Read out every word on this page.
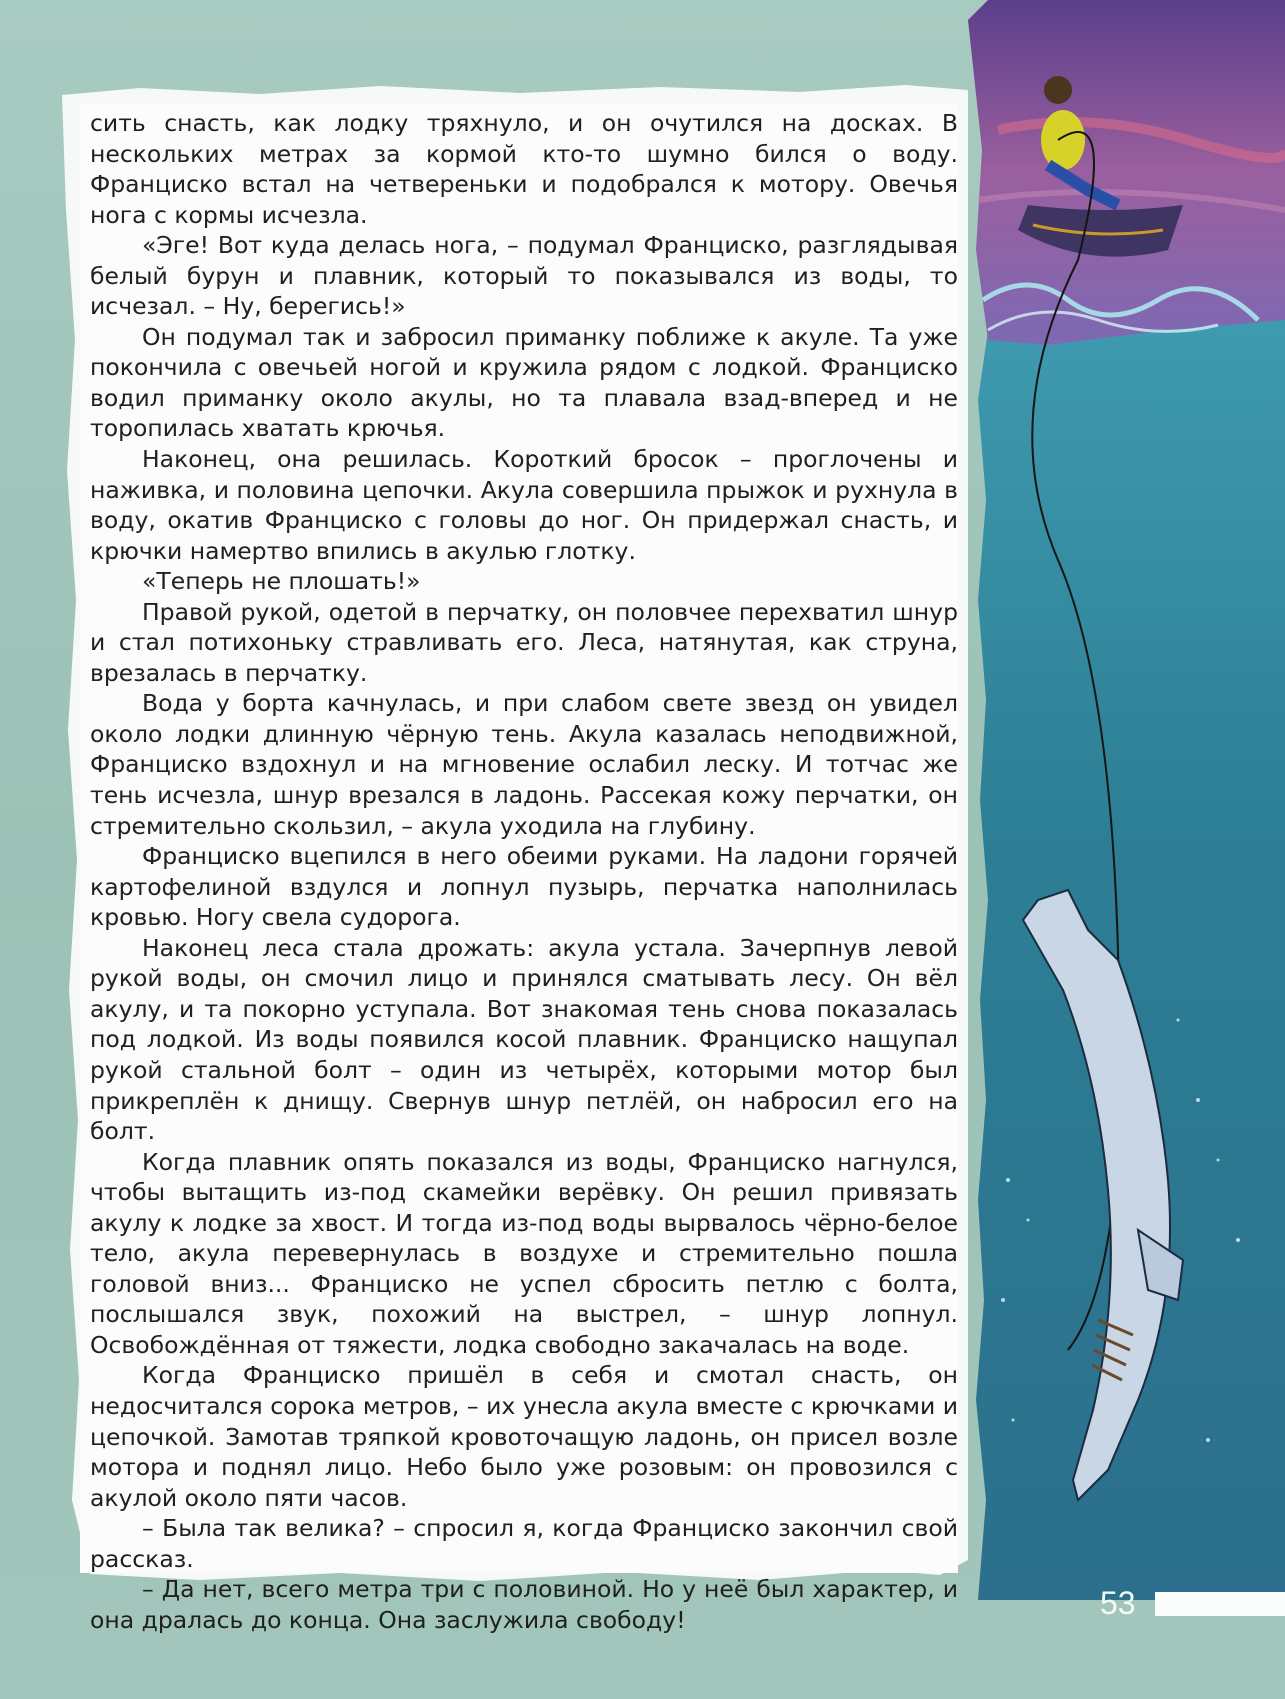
сить снасть, как лодку тряхнуло, и он очутился на досках. В нескольких метрах за кормой кто-то шумно бился о воду. Франциско встал на четвереньки и подобрался к мотору. Овечья нога с кормы исчезла.

«Эге! Вот куда делась нога, – подумал Франциско, разглядывая белый бурун и плавник, который то показывался из воды, то исчезал. – Ну, берегись!»

Он подумал так и забросил приманку поближе к акуле. Та уже покончила с овечьей ногой и кружила рядом с лодкой. Франциско водил приманку около акулы, но та плавала взад-вперед и не торопилась хватать крючья.

Наконец, она решилась. Короткий бросок – проглочены и наживка, и половина цепочки. Акула совершила прыжок и рухнула в воду, окатив Франциско с головы до ног. Он придержал снасть, и крючки намертво впились в акулью глотку.

«Теперь не плошать!»

Правой рукой, одетой в перчатку, он половчее перехватил шнур и стал потихоньку стравливать его. Леса, натянутая, как струна, врезалась в перчатку.

Вода у борта качнулась, и при слабом свете звезд он увидел около лодки длинную чёрную тень. Акула казалась неподвижной, Франциско вздохнул и на мгновение ослабил леску. И тотчас же тень исчезла, шнур врезался в ладонь. Рассекая кожу перчатки, он стремительно скользил, – акула уходила на глубину.

Франциско вцепился в него обеими руками. На ладони горячей картофелиной вздулся и лопнул пузырь, перчатка наполнилась кровью. Ногу свела судорога.

Наконец леса стала дрожать: акула устала. Зачерпнув левой рукой воды, он смочил лицо и принялся сматывать лесу. Он вёл акулу, и та покорно уступала. Вот знакомая тень снова показалась под лодкой. Из воды появился косой плавник. Франциско нащупал рукой стальной болт – один из четырёх, которыми мотор был прикреплён к днищу. Свернув шнур петлёй, он набросил его на болт.

Когда плавник опять показался из воды, Франциско нагнулся, чтобы вытащить из-под скамейки верёвку. Он решил привязать акулу к лодке за хвост. И тогда из-под воды вырвалось чёрно-белое тело, акула перевернулась в воздухе и стремительно пошла головой вниз... Франциско не успел сбросить петлю с болта, послышался звук, похожий на выстрел, – шнур лопнул. Освобождённая от тяжести, лодка свободно закачалась на воде.

Когда Франциско пришёл в себя и смотал снасть, он недосчитался сорока метров, – их унесла акула вместе с крючками и цепочкой. Замотав тряпкой кровоточащую ладонь, он присел возле мотора и поднял лицо. Небо было уже розовым: он провозился с акулой около пяти часов.

– Была так велика? – спросил я, когда Франциско закончил свой рассказ.

– Да нет, всего метра три с половиной. Но у неё был характер, и она дралась до конца. Она заслужила свободу!	53
